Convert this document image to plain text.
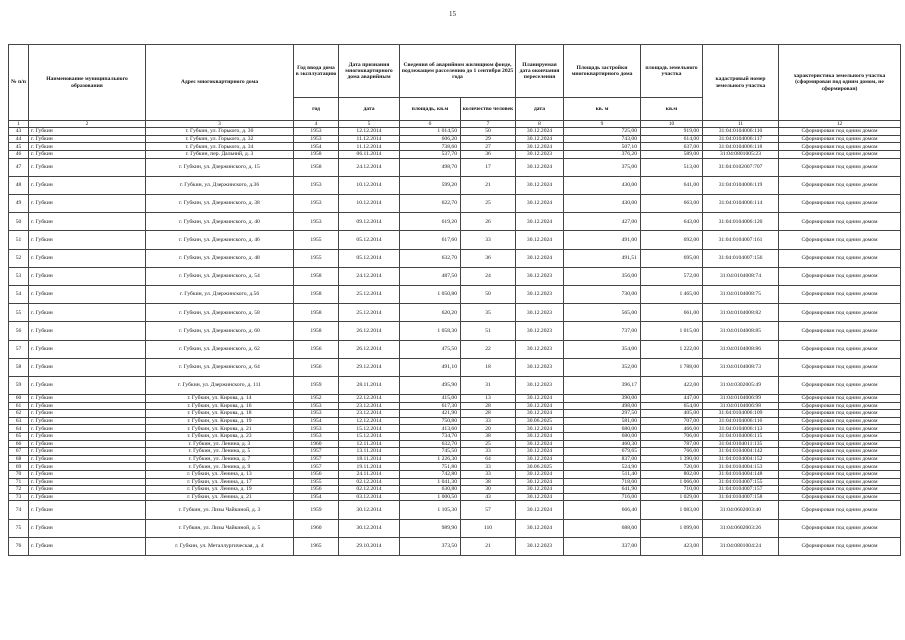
15
№ п/п	Наименование муниципального образования	Адрес многоквартирного дома	Год ввода дома в эксплуатацию	Дата признания многоквартирного дома аварийным	Сведения об аварийном жилищном фонде, подлежащем расселению до 1 сентября 2025 года		Планируемая дата окончания переселения	Площадь застройки многоквартирного дома	площадь земельного участка	кадастровый номер земельного участка	характеристика земельного участка (сформирован под одним домом, не сформирован)
			год	дата	площадь, кв.м	количество человек	дата	кв. м	кв.м		
1	2	3	4	5	6	7	8	9	10	11	12
43	г. Губкин	г. Губкин, ул. Горького, д. 30	1953	12.12.2014	1 014,50	50	30.12.2024	725,00	919,00	31:04:0104006:110	Сформирован под одним домом
44	г. Губкин	г. Губкин, ул. Горького, д. 32	1953	11.12.2014	606,20	29	30.12.2024	743,00	614,00	31:04:0104006:117	Сформирован под одним домом
45	г. Губкин	г. Губкин, ул. Горького, д. 34	1954	11.12.2014	738,60	27	30.12.2024	507,10	637,00	31:04:0104006:118	Сформирован под одним домом
46	г. Губкин	г. Губкин, пер. Дальний, д. 3	1958	06.11.2014	537,70	36	30.12.2023	376,20	589,00	31:04:0801005:23	Сформирован под одним домом
47	г. Губкин	г. Губкин, ул. Дзержинского, д. 15	1958	24.12.2014	498,70	17	30.12.2024	375,00	513,00	31:04:0102007:707	Сформирован под одним домом
48	г. Губкин	г. Губкин, ул. Дзержинского, д.36	1953	10.12.2014	599,20	21	30.12.2024	430,00	641,00	31:04:0104006:119	Сформирован под одним домом
49	г. Губкин	г. Губкин, ул. Дзержинского, д. 38	1953	10.12.2014	622,70	25	30.12.2024	430,00	663,00	31:04:0104006:114	Сформирован под одним домом
50	г. Губкин	г. Губкин, ул. Дзержинского, д. 40	1953	09.12.2014	619,20	26	30.12.2024	427,00	643,00	31:04:0104006:120	Сформирован под одним домом
51	г. Губкин	г. Губкин, ул. Дзержинского, д. 46	1955	05.12.2014	617,60	33	30.12.2024	491,00	692,00	31:04:0104007:161	Сформирован под одним домом
52	г. Губкин	г. Губкин, ул. Дзержинского, д. 48	1955	05.12.2014	632,70	36	30.12.2024	491,51	695,00	31:04:0104007:156	Сформирован под одним домом
53	г. Губкин	г. Губкин, ул. Дзержинского, д. 54	1958	24.12.2014	487,50	24	30.12.2023	356,00	572,00	31:04:0104008:74	Сформирован под одним домом
54	г. Губкин	г. Губкин, ул. Дзержинского, д.56	1958	25.12.2014	1 050,80	50	30.12.2023	730,00	1 465,00	31:04:0104008:75	Сформирован под одним домом
55	г. Губкин	г. Губкин, ул. Дзержинского, д. 58	1958	25.12.2014	620,20	35	30.12.2023	565,00	661,00	31:04:0104008:82	Сформирован под одним домом
56	г. Губкин	г. Губкин, ул. Дзержинского, д. 60	1958	26.12.2014	1 058,30	51	30.12.2023	737,00	1 015,00	31:04:0104008:85	Сформирован под одним домом
57	г. Губкин	г. Губкин, ул. Дзержинского, д. 62	1956	26.12.2014	475,50	22	30.12.2023	354,00	1 222,00	31:04:0104008:86	Сформирован под одним домом
58	г. Губкин	г. Губкин, ул. Дзержинского, д. 64	1956	29.12.2014	491,10	18	30.12.2023	352,00	1 788,00	31:04:0104008:73	Сформирован под одним домом
59	г. Губкин	г. Губкин, ул. Дзержинского, д. 111	1959	28.11.2014	495,90	31	30.12.2023	396,17	422,00	31:04:0302005:49	Сформирован под одним домом
60	г. Губкин	г. Губкин, ул. Кирова, д. 14	1952	22.12.2014	415,00	13	30.12.2024	390,00	447,00	31:04:0104006:99	Сформирован под одним домом
61	г. Губкин	г. Губкин, ул. Кирова, д. 16	1953	23.12.2014	617,30	28	30.12.2024	498,00	654,00	31:04:0104006:98	Сформирован под одним домом
62	г. Губкин	г. Губкин, ул. Кирова, д. 18	1953	23.12.2014	421,90	28	30.12.2024	297,50	405,00	31:04:0104006:109	Сформирован под одним домом
63	г. Губкин	г. Губкин, ул. Кирова, д. 19	1954	12.12.2014	750,80	33	30.06.2025	581,00	707,00	31:04:0104006:116	Сформирован под одним домом
64	г. Губкин	г. Губкин, ул. Кирова, д. 21	1953	15.12.2014	413,60	20	30.12.2024	680,00	466,00	31:04:0104006:113	Сформирован под одним домом
65	г. Губкин	г. Губкин, ул. Кирова, д. 23	1953	15.12.2014	734,70	38	30.12.2024	680,00	706,00	31:04:0104006:115	Сформирован под одним домом
66	г. Губкин	г. Губкин, ул. Ленина, д. 3	1960	12.11.2014	632,70	25	30.12.2024	460,30	787,00	31:04:0104011:135	Сформирован под одним домом
67	г. Губкин	г. Губкин, ул. Ленина, д. 5	1957	13.11.2014	745,50	33	30.12.2024	679,65	766,00	31:04:0104004:142	Сформирован под одним домом
68	г. Губкин	г. Губкин, ул. Ленина, д. 7	1957	18.11.2014	1 226,30	64	30.12.2024	837,00	1 390,00	31:04:0104004:152	Сформирован под одним домом
69	г. Губкин	г. Губкин, ул. Ленина, д. 9	1957	19.11.2014	751,80	33	30.06.2025	524,90	720,00	31:04:0104004:153	Сформирован под одним домом
70	г. Губкин	г. Губкин, ул. Ленина, д. 13	1956	24.11.2014	742,80	33	30.12.2024	511,40	802,00	31:04:0104004:148	Сформирован под одним домом
71	г. Губкин	г. Губкин, ул. Ленина, д. 17	1955	02.12.2014	1 041,30	38	30.12.2024	718,00	1 066,00	31:04:0104007:155	Сформирован под одним домом
72	г. Губкин	г. Губкин, ул. Ленина, д. 19	1956	02.12.2014	630,80	30	30.12.2024	641,90	710,00	31:04:0104007:157	Сформирован под одним домом
73	г. Губкин	г. Губкин, ул. Ленина, д. 21	1954	03.12.2014	1 000,50	43	30.12.2024	716,00	1 029,00	31:04:0104007:158	Сформирован под одним домом
74	г. Губкин	г. Губкин, ул. Лизы Чайкиной, д. 3	1959	30.12.2014	1 105,30	57	30.12.2024	666,40	1 083,00	31:04:0602003:40	Сформирован под одним домом
75	г. Губкин	г. Губкин, ул. Лизы Чайкиной, д. 5	1960	30.12.2014	989,90	110	30.12.2024	688,00	1 099,00	31:04:0602003:26	Сформирован под одним домом
76	г. Губкин	г. Губкин, ул. Металлургическая, д. 4	1965	29.10.2014	373,50	21	30.12.2023	337,00	423,00	31:04:0801004:24	Сформирован под одним домом
